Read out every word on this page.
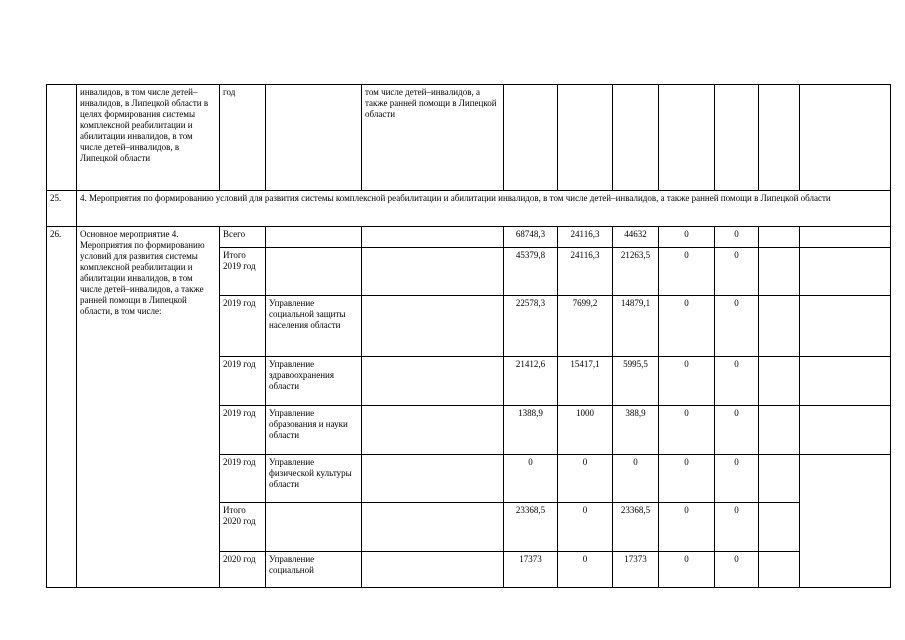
	инвалидов, в том числе детей–инвалидов, в Липецкой области в целях формирования системы комплексной реабилитации и абилитации инвалидов, в том числе детей–инвалидов, в Липецкой области	год		том числе детей–инвалидов, а также ранней помощи в Липецкой области							
25.	4. Мероприятия по формированию условий для развития системы комплексной реабилитации и абилитации инвалидов, в том числе детей–инвалидов, а также ранней помощи в Липецкой области										
26.	Основное мероприятие 4. Мероприятия по формированию условий для развития системы комплексной реабилитации и абилитации инвалидов, в том числе детей–инвалидов, а также ранней помощи в Липецкой области, в том числе:	Всего			68748,3	24116,3	44632	0	0		
		Итого 2019 год			45379,8	24116,3	21263,5	0	0		
		2019 год	Управление социальной защиты населения области		22578,3	7699,2	14879,1	0	0		
		2019 год	Управление здравоохранения области		21412,6	15417,1	5995,5	0	0		
		2019 год	Управление образования и науки области		1388,9	1000	388,9	0	0		
		2019 год	Управление физической культуры области		0	0	0	0	0		
		Итого 2020 год			23368,5	0	23368,5	0	0		
		2020 год	Управление социальной		17373	0	17373	0	0		
